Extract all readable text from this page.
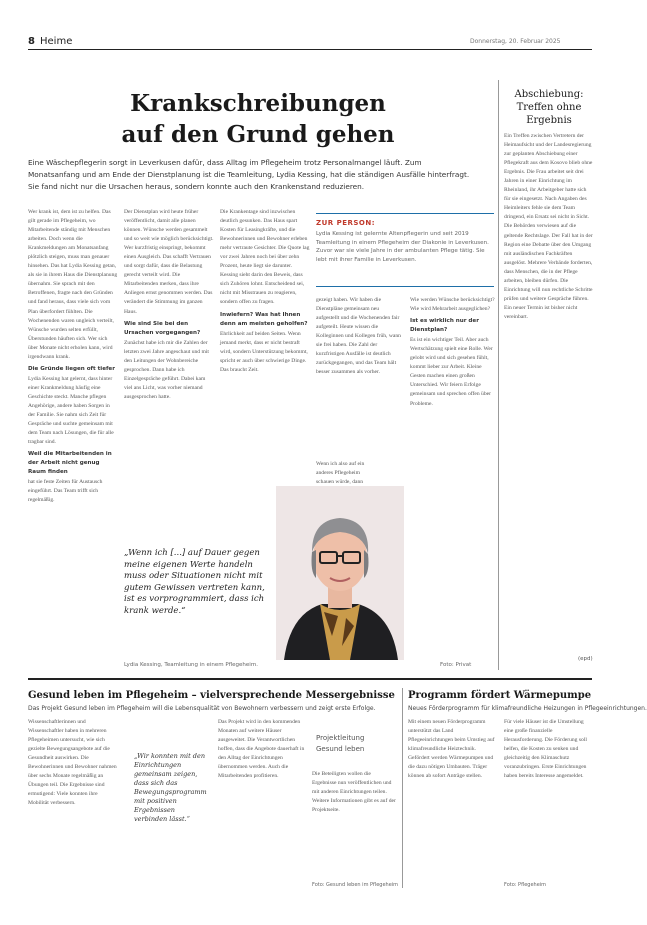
8 Heime	Donnerstag, 20. Februar 2025
Krankschreibungen
auf den Grund gehen
Eine Wäschepflegerin sorgt in Leverkusen dafür, dass Alltag im Pflegeheim trotz Personalmangel läuft. Zum
Monatsanfang und am Ende der Dienstplanung ist die Teamleitung, Lydia Kessing, hat die ständigen Ausfälle hinterfragt.
Sie fand nicht nur die Ursachen heraus, sondern konnte auch den Krankenstand reduzieren.

Wer krank ist, dem ist zu helfen. Das gilt gerade im Pflegeheim, wo Mitarbeitende ständig mit Menschen arbeiten. Doch wenn die Krankmeldungen am Monatsanfang plötzlich steigen, muss man genauer hinsehen. Das hat Lydia Kessing getan, als sie in ihrem Haus die Dienstplanung übernahm. Sie sprach mit den Betroffenen, fragte nach den Gründen und fand heraus, dass viele sich vom Plan überfordert fühlten. Die Wochenenden waren ungleich verteilt, Wünsche wurden selten erfüllt, Überstunden häuften sich. Wer sich über Monate nicht erholen kann, wird irgendwann krank.

Die Gründe liegen oft tiefer

Lydia Kessing hat gelernt, dass hinter einer Krankmeldung häufig eine Geschichte steckt. Manche pflegen Angehörige, andere haben Sorgen in der Familie. Sie nahm sich Zeit für Gespräche und suchte gemeinsam mit dem Team nach Lösungen, die für alle tragbar sind.

Weil die Mitarbeitenden in der Arbeit nicht genug Raum finden

hat sie feste Zeiten für Austausch eingeführt. Das Team trifft sich regelmäßig.

Der Dienstplan wird heute früher veröffentlicht, damit alle planen können. Wünsche werden gesammelt und so weit wie möglich berücksichtigt. Wer kurzfristig einspringt, bekommt einen Ausgleich. Das schafft Vertrauen und sorgt dafür, dass die Belastung gerecht verteilt wird. Die Mitarbeitenden merken, dass ihre Anliegen ernst genommen werden. Das verändert die Stimmung im ganzen Haus.

Wie sind Sie bei den Ursachen vorgegangen?

Zunächst habe ich mir die Zahlen der letzten zwei Jahre angeschaut und mit den Leitungen der Wohnbereiche gesprochen. Dann habe ich Einzelgespräche geführt. Dabei kam viel ans Licht, was vorher niemand ausgesprochen hatte.

Die Krankentage sind inzwischen deutlich gesunken. Das Haus spart Kosten für Leasingkräfte, und die Bewohnerinnen und Bewohner erleben mehr vertraute Gesichter. Die Quote lag vor zwei Jahren noch bei über zehn Prozent, heute liegt sie darunter. Kessing sieht darin den Beweis, dass sich Zuhören lohnt. Entscheidend sei, nicht mit Misstrauen zu reagieren, sondern offen zu fragen.

Inwiefern? Was hat Ihnen denn am meisten geholfen?

Ehrlichkeit auf beiden Seiten. Wenn jemand merkt, dass er nicht bestraft wird, sondern Unterstützung bekommt, spricht er auch über schwierige Dinge. Das braucht Zeit.

ZUR PERSON:
Lydia Kessing ist gelernte Altenpflegerin und seit 2019 Teamleitung in einem Pflegeheim der Diakonie in Leverkusen. Zuvor war sie viele Jahre in der ambulanten Pflege tätig. Sie lebt mit ihrer Familie in Leverkusen.

gezeigt haben. Wir haben die Dienstpläne gemeinsam neu aufgestellt und die Wochenenden fair aufgeteilt. Heute wissen die Kolleginnen und Kollegen früh, wann sie frei haben. Die Zahl der kurzfristigen Ausfälle ist deutlich zurückgegangen, und das Team hält besser zusammen als vorher.

Wenn ich also auf ein anderes Pflegeheim schauen würde, dann

Wie werden Wünsche berücksichtigt? Wie wird Mehrarbeit ausgeglichen?

Ist es wirklich nur der Dienstplan?

Es ist ein wichtiger Teil. Aber auch Wertschätzung spielt eine Rolle. Wer gelobt wird und sich gesehen fühlt, kommt lieber zur Arbeit. Kleine Gesten machen einen großen Unterschied. Wir feiern Erfolge gemeinsam und sprechen offen über Probleme.

„Wenn ich [...] auf Dauer gegen meine eigenen Werte handeln muss oder Situationen nicht mit gutem Gewissen vertreten kann, ist es vorprogrammiert, dass ich krank werde.“
Lydia Kessing, Teamleitung in einem Pflegeheim.	Foto: Privat
Abschiebung: Treffen ohne Ergebnis

Ein Treffen zwischen Vertretern der Heimaufsicht und der Landesregierung zur geplanten Abschiebung einer Pflegekraft aus dem Kosovo blieb ohne Ergebnis. Die Frau arbeitet seit drei Jahren in einer Einrichtung im Rheinland, ihr Arbeitgeber hatte sich für sie eingesetzt. Nach Angaben des Heimleiters fehle sie dem Team dringend, ein Ersatz sei nicht in Sicht. Die Behörden verwiesen auf die geltende Rechtslage. Der Fall hat in der Region eine Debatte über den Umgang mit ausländischen Fachkräften ausgelöst. Mehrere Verbände forderten, dass Menschen, die in der Pflege arbeiten, bleiben dürfen. Die Einrichtung will nun rechtliche Schritte prüfen und weitere Gespräche führen. Ein neuer Termin ist bisher nicht vereinbart.

(epd)
Gesund leben im Pflegeheim – vielversprechende Messergebnisse
Das Projekt Gesund leben im Pflegeheim will die Lebensqualität von Bewohnern verbessern und zeigt erste Erfolge.

Wissenschaftlerinnen und Wissenschaftler haben in mehreren Pflegeheimen untersucht, wie sich gezielte Bewegungsangebote auf die Gesundheit auswirken. Die Bewohnerinnen und Bewohner nahmen über sechs Monate regelmäßig an Übungen teil. Die Ergebnisse sind ermutigend: Viele konnten ihre Mobilität verbessern.

„Wir konnten mit den Einrichtungen gemeinsam zeigen, dass sich das Bewegungsprogramm mit positiven Ergebnissen verbinden lässt.“

Das Projekt wird in den kommenden Monaten auf weitere Häuser ausgeweitet. Die Verantwortlichen hoffen, dass die Angebote dauerhaft in den Alltag der Einrichtungen übernommen werden. Auch die Mitarbeitenden profitieren.

Projektleitung
Gesund leben

Die Beteiligten wollen die Ergebnisse nun veröffentlichen und mit anderen Einrichtungen teilen. Weitere Informationen gibt es auf der Projektseite.

Foto: Gesund leben im Pflegeheim
Programm fördert Wärmepumpe
Neues Förderprogramm für klimafreundliche Heizungen in Pflegeeinrichtungen.

Mit einem neuen Förderprogramm unterstützt das Land Pflegeeinrichtungen beim Umstieg auf klimafreundliche Heiztechnik. Gefördert werden Wärmepumpen und die dazu nötigen Umbauten. Träger können ab sofort Anträge stellen.

Für viele Häuser ist die Umstellung eine große finanzielle Herausforderung. Die Förderung soll helfen, die Kosten zu senken und gleichzeitig den Klimaschutz voranzubringen. Erste Einrichtungen haben bereits Interesse angemeldet.

Foto: Pflegeheim
